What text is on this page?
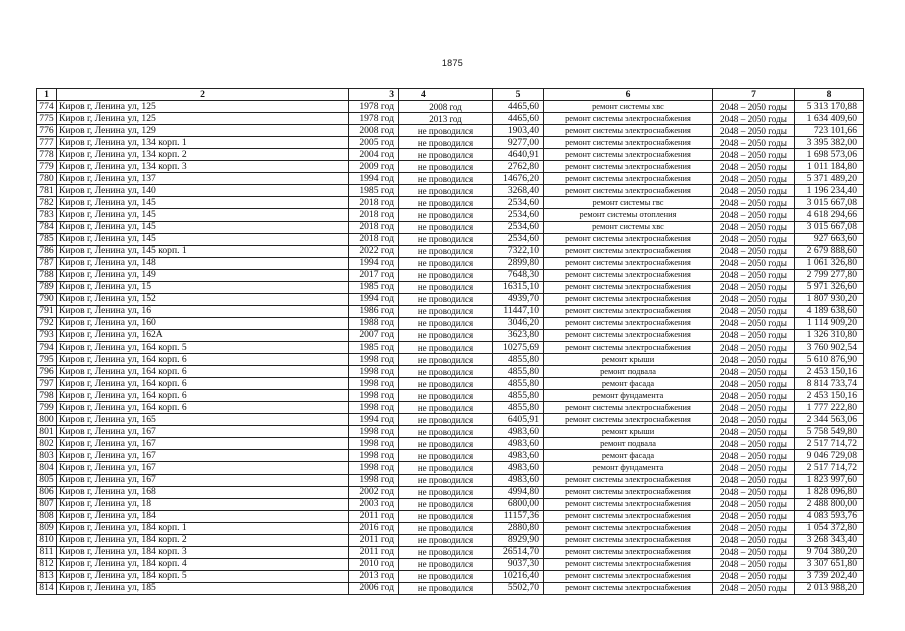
1875
1	2	3	4	5	6	7	8
774	Киров г, Ленина ул, 125	1978 год	2008 год	4465,60	ремонт системы хвс	2048 – 2050 годы	5 313 170,88
775	Киров г, Ленина ул, 125	1978 год	2013 год	4465,60	ремонт системы электроснабжения	2048 – 2050 годы	1 634 409,60
776	Киров г, Ленина ул, 129	2008 год	не проводился	1903,40	ремонт системы электроснабжения	2048 – 2050 годы	723 101,66
777	Киров г, Ленина ул, 134 корп. 1	2005 год	не проводился	9277,00	ремонт системы электроснабжения	2048 – 2050 годы	3 395 382,00
778	Киров г, Ленина ул, 134 корп. 2	2004 год	не проводился	4640,91	ремонт системы электроснабжения	2048 – 2050 годы	1 698 573,06
779	Киров г, Ленина ул, 134 корп. 3	2009 год	не проводился	2762,80	ремонт системы электроснабжения	2048 – 2050 годы	1 011 184,80
780	Киров г, Ленина ул, 137	1994 год	не проводился	14676,20	ремонт системы электроснабжения	2048 – 2050 годы	5 371 489,20
781	Киров г, Ленина ул, 140	1985 год	не проводился	3268,40	ремонт системы электроснабжения	2048 – 2050 годы	1 196 234,40
782	Киров г, Ленина ул, 145	2018 год	не проводился	2534,60	ремонт системы гвс	2048 – 2050 годы	3 015 667,08
783	Киров г, Ленина ул, 145	2018 год	не проводился	2534,60	ремонт системы отопления	2048 – 2050 годы	4 618 294,66
784	Киров г, Ленина ул, 145	2018 год	не проводился	2534,60	ремонт системы хвс	2048 – 2050 годы	3 015 667,08
785	Киров г, Ленина ул, 145	2018 год	не проводился	2534,60	ремонт системы электроснабжения	2048 – 2050 годы	927 663,60
786	Киров г, Ленина ул, 145 корп. 1	2022 год	не проводился	7322,10	ремонт системы электроснабжения	2048 – 2050 годы	2 679 888,60
787	Киров г, Ленина ул, 148	1994 год	не проводился	2899,80	ремонт системы электроснабжения	2048 – 2050 годы	1 061 326,80
788	Киров г, Ленина ул, 149	2017 год	не проводился	7648,30	ремонт системы электроснабжения	2048 – 2050 годы	2 799 277,80
789	Киров г, Ленина ул, 15	1985 год	не проводился	16315,10	ремонт системы электроснабжения	2048 – 2050 годы	5 971 326,60
790	Киров г, Ленина ул, 152	1994 год	не проводился	4939,70	ремонт системы электроснабжения	2048 – 2050 годы	1 807 930,20
791	Киров г, Ленина ул, 16	1986 год	не проводился	11447,10	ремонт системы электроснабжения	2048 – 2050 годы	4 189 638,60
792	Киров г, Ленина ул, 160	1988 год	не проводился	3046,20	ремонт системы электроснабжения	2048 – 2050 годы	1 114 909,20
793	Киров г, Ленина ул, 162А	2007 год	не проводился	3623,80	ремонт системы электроснабжения	2048 – 2050 годы	1 326 310,80
794	Киров г, Ленина ул, 164 корп. 5	1985 год	не проводился	10275,69	ремонт системы электроснабжения	2048 – 2050 годы	3 760 902,54
795	Киров г, Ленина ул, 164 корп. 6	1998 год	не проводился	4855,80	ремонт крыши	2048 – 2050 годы	5 610 876,90
796	Киров г, Ленина ул, 164 корп. 6	1998 год	не проводился	4855,80	ремонт подвала	2048 – 2050 годы	2 453 150,16
797	Киров г, Ленина ул, 164 корп. 6	1998 год	не проводился	4855,80	ремонт фасада	2048 – 2050 годы	8 814 733,74
798	Киров г, Ленина ул, 164 корп. 6	1998 год	не проводился	4855,80	ремонт фундамента	2048 – 2050 годы	2 453 150,16
799	Киров г, Ленина ул, 164 корп. 6	1998 год	не проводился	4855,80	ремонт системы электроснабжения	2048 – 2050 годы	1 777 222,80
800	Киров г, Ленина ул, 165	1994 год	не проводился	6405,91	ремонт системы электроснабжения	2048 – 2050 годы	2 344 563,06
801	Киров г, Ленина ул, 167	1998 год	не проводился	4983,60	ремонт крыши	2048 – 2050 годы	5 758 549,80
802	Киров г, Ленина ул, 167	1998 год	не проводился	4983,60	ремонт подвала	2048 – 2050 годы	2 517 714,72
803	Киров г, Ленина ул, 167	1998 год	не проводился	4983,60	ремонт фасада	2048 – 2050 годы	9 046 729,08
804	Киров г, Ленина ул, 167	1998 год	не проводился	4983,60	ремонт фундамента	2048 – 2050 годы	2 517 714,72
805	Киров г, Ленина ул, 167	1998 год	не проводился	4983,60	ремонт системы электроснабжения	2048 – 2050 годы	1 823 997,60
806	Киров г, Ленина ул, 168	2002 год	не проводился	4994,80	ремонт системы электроснабжения	2048 – 2050 годы	1 828 096,80
807	Киров г, Ленина ул, 18	2003 год	не проводился	6800,00	ремонт системы электроснабжения	2048 – 2050 годы	2 488 800,00
808	Киров г, Ленина ул, 184	2011 год	не проводился	11157,36	ремонт системы электроснабжения	2048 – 2050 годы	4 083 593,76
809	Киров г, Ленина ул, 184 корп. 1	2016 год	не проводился	2880,80	ремонт системы электроснабжения	2048 – 2050 годы	1 054 372,80
810	Киров г, Ленина ул, 184 корп. 2	2011 год	не проводился	8929,90	ремонт системы электроснабжения	2048 – 2050 годы	3 268 343,40
811	Киров г, Ленина ул, 184 корп. 3	2011 год	не проводился	26514,70	ремонт системы электроснабжения	2048 – 2050 годы	9 704 380,20
812	Киров г, Ленина ул, 184 корп. 4	2010 год	не проводился	9037,30	ремонт системы электроснабжения	2048 – 2050 годы	3 307 651,80
813	Киров г, Ленина ул, 184 корп. 5	2013 год	не проводился	10216,40	ремонт системы электроснабжения	2048 – 2050 годы	3 739 202,40
814	Киров г, Ленина ул, 185	2006 год	не проводился	5502,70	ремонт системы электроснабжения	2048 – 2050 годы	2 013 988,20
